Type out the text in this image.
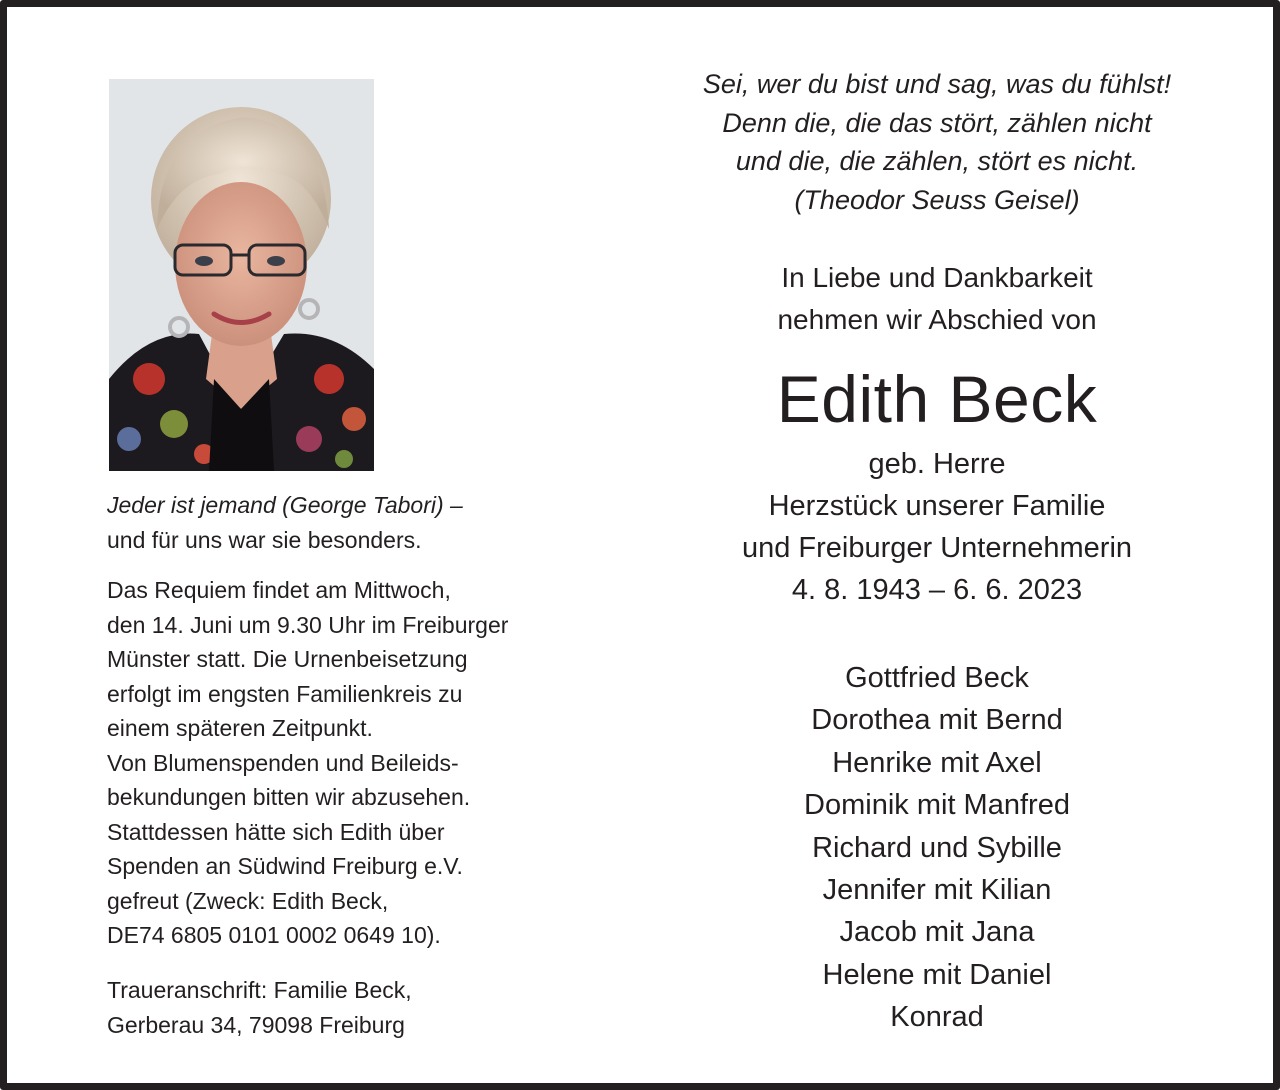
Jeder ist jemand (George Tabori) –
und für uns war sie besonders.
Das Requiem findet am Mittwoch,
den 14. Juni um 9.30 Uhr im Freiburger
Münster statt. Die Urnenbeisetzung
erfolgt im engsten Familienkreis zu
einem späteren Zeitpunkt.
Von Blumenspenden und Beileids-
bekundungen bitten wir abzusehen.
Stattdessen hätte sich Edith über
Spenden an Südwind Freiburg e.V.
gefreut (Zweck: Edith Beck,
DE74 6805 0101 0002 0649 10).
Traueranschrift: Familie Beck,
Gerberau 34, 79098 Freiburg
Sei, wer du bist und sag, was du fühlst!
Denn die, die das stört, zählen nicht
und die, die zählen, stört es nicht.
(Theodor Seuss Geisel)
In Liebe und Dankbarkeit
nehmen wir Abschied von
Edith Beck
geb. Herre
Herzstück unserer Familie
und Freiburger Unternehmerin
4. 8. 1943 – 6. 6. 2023
Gottfried Beck
Dorothea mit Bernd
Henrike mit Axel
Dominik mit Manfred
Richard und Sybille
Jennifer mit Kilian
Jacob mit Jana
Helene mit Daniel
Konrad
